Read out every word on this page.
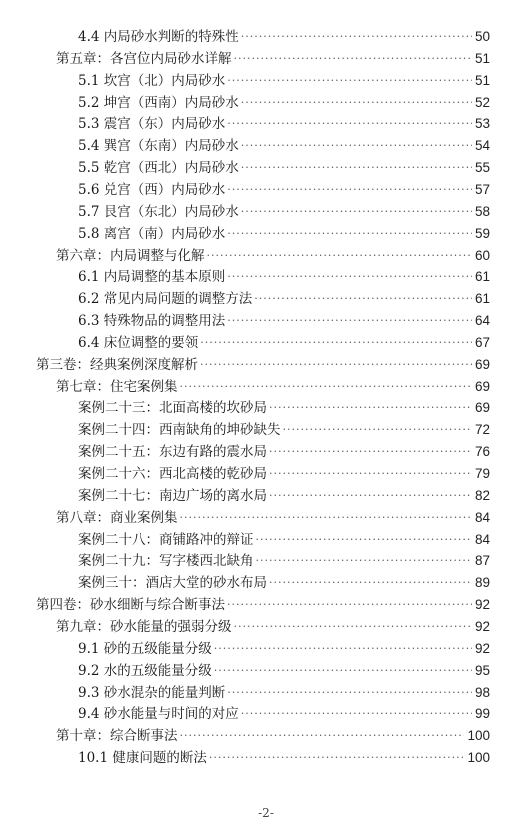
4.4 内局砂水判断的特殊性 .....	50
第五章：各宫位内局砂水详解 .....	51
5.1 坎宫（北）内局砂水 .....	51
5.2 坤宫（西南）内局砂水 .....	52
5.3 震宫（东）内局砂水 .....	53
5.4 巽宫（东南）内局砂水 .....	54
5.5 乾宫（西北）内局砂水 .....	55
5.6 兑宫（西）内局砂水 .....	57
5.7 艮宫（东北）内局砂水 .....	58
5.8 离宫（南）内局砂水 .....	59
第六章：内局调整与化解 .....	60
6.1 内局调整的基本原则 .....	61
6.2 常见内局问题的调整方法 .....	61
6.3 特殊物品的调整用法 .....	64
6.4 床位调整的要领 .....	67
第三卷：经典案例深度解析 .....	69
第七章：住宅案例集 .....	69
案例二十三：北面高楼的坎砂局 .....	69
案例二十四：西南缺角的坤砂缺失 .....	72
案例二十五：东边有路的震水局 .....	76
案例二十六：西北高楼的乾砂局 .....	79
案例二十七：南边广场的离水局 .....	82
第八章：商业案例集 .....	84
案例二十八：商铺路冲的辩证 .....	84
案例二十九：写字楼西北缺角 .....	87
案例三十：酒店大堂的砂水布局 .....	89
第四卷：砂水细断与综合断事法 .....	92
第九章：砂水能量的强弱分级 .....	92
9.1 砂的五级能量分级 .....	92
9.2 水的五级能量分级 .....	95
9.3 砂水混杂的能量判断 .....	98
9.4 砂水能量与时间的对应 .....	99
第十章：综合断事法 .....	100
10.1 健康问题的断法 .....	100
-2-
